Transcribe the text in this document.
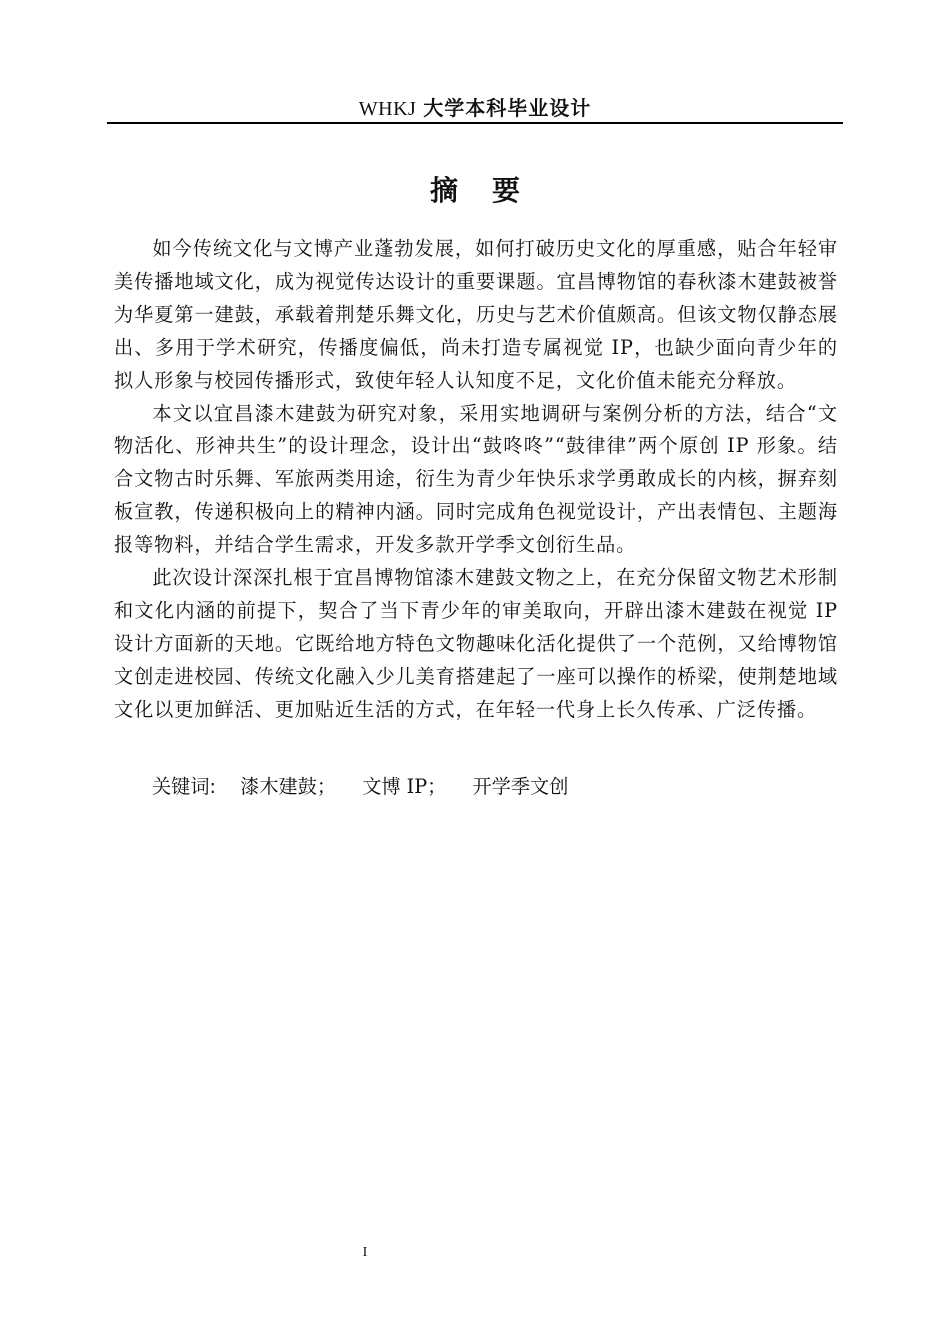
WHKJ 大学本科毕业设计
摘要

如今传统文化与文博产业蓬勃发展，如何打破历史文化的厚重感，贴合年轻审美传播地域文化，成为视觉传达设计的重要课题。宜昌博物馆的春秋漆木建鼓被誉为华夏第一建鼓，承载着荆楚乐舞文化，历史与艺术价值颇高。但该文物仅静态展出、多用于学术研究，传播度偏低，尚未打造专属视觉 IP，也缺少面向青少年的拟人形象与校园传播形式，致使年轻人认知度不足，文化价值未能充分释放。

本文以宜昌漆木建鼓为研究对象，采用实地调研与案例分析的方法，结合“文物活化、形神共生”的设计理念，设计出“鼓咚咚”“鼓律律”两个原创 IP 形象。结合文物古时乐舞、军旅两类用途，衍生为青少年快乐求学勇敢成长的内核，摒弃刻板宣教，传递积极向上的精神内涵。同时完成角色视觉设计，产出表情包、主题海报等物料，并结合学生需求，开发多款开学季文创衍生品。

此次设计深深扎根于宜昌博物馆漆木建鼓文物之上，在充分保留文物艺术形制和文化内涵的前提下，契合了当下青少年的审美取向，开辟出漆木建鼓在视觉 IP 设计方面新的天地。它既给地方特色文物趣味化活化提供了一个范例，又给博物馆文创走进校园、传统文化融入少儿美育搭建起了一座可以操作的桥梁，使荆楚地域文化以更加鲜活、更加贴近生活的方式，在年轻一代身上长久传承、广泛传播。

关键词: 漆木建鼓； 文博 IP； 开学季文创
I
